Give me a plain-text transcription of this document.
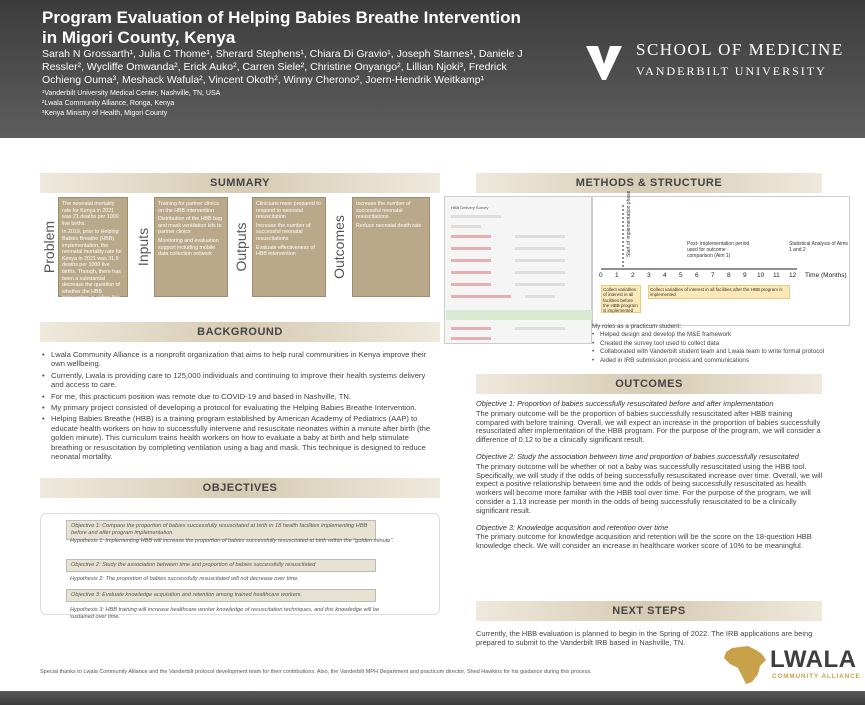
Program Evaluation of Helping Babies Breathe Intervention
in Migori County, Kenya
Sarah N Grossarth¹, Julia C Thome¹, Sherard Stephens¹, Chiara Di Gravio¹, Joseph Starnes¹, Daniele J
Ressler², Wycliffe Omwanda², Erick Auko², Carren Siele², Christine Onyango², Lillian Njoki³, Fredrick
Ochieng Ouma³, Meshack Wafula², Vincent Okoth², Winny Cherono², Joern-Hendrik Weitkamp¹
¹Vanderbilt University Medical Center, Nashville, TN, USA
²Lwala Community Alliance, Ronga, Kenya
³Kenya Ministry of Health, Migori County
SCHOOL OF MEDICINE
VANDERBILT UNIVERSITY
SUMMARY
Problem
The neonatal mortality rate for Kenya in 2021 was 21 deaths per 1000 live births.
In 2019, prior to Helping Babies Breathe (HBB) implementation, the neonatal mortality rate for Kenya in 2021 was 31.9 deaths per 1000 live births. Though, there has been a substantial decrease the question of whether the HBB intervention is aiding this decrease still exists.
Inputs
Training for partner clinics on the HBB intervention
Distribution of the HBB bag and mask ventilation kits to partner clinics
Monitoring and evaluation support including mobile data collection network	Outputs
Clinicians more prepared to respond to neonatal resuscitation
Increase the number of successful neonatal resuscitations
Evaluate effectiveness of HBB intervention	Outcomes
Increase the number of successful neonatal resuscitations
Reduce neonatal death rate
BACKGROUND
• Lwala Community Alliance is a nonprofit organization that aims to help rural communities in Kenya improve their own wellbeing.
• Currently, Lwala is providing care to 125,000 individuals and continuing to improve their health systems delivery and access to care.
• For me, this practicum position was remote due to COVID-19 and based in Nashville, TN.
• My primary project consisted of developing a protocol for evaluating the Helping Babies Breathe Intervention.
• Helping Babies Breathe (HBB) is a training program established by American Academy of Pediatrics (AAP) to educate health workers on how to successfully intervene and resuscitate neonates within a minute after birth (the golden minute). This curriculum trains health workers on how to evaluate a baby at birth and help stimulate breathing or resuscitation by completing ventilation using a bag and mask. This technique is designed to reduce neonatal mortality.
OBJECTIVES
Objective 1: Compare the proportion of babies successfully resuscitated at birth in 18 health facilities implementing HBB before and after program implementation.
Hypothesis 1: Implementing HBB will increase the proportion of babies successfully resuscitated at birth within the "golden minute".
Objective 2: Study the association between time and proportion of babies successfully resuscitated
Hypothesis 2: The proportion of babies successfully resuscitated will not decrease over time.
Objective 3: Evaluate knowledge acquisition and retention among trained healthcare workers.
Hypothesis 3: HBB training will increase healthcare worker knowledge of resuscitation techniques, and this knowledge will be sustained over time.
Special thanks to Lwala Community Alliance and the Vanderbilt protocol development team for their contributions. Also, the Vanderbilt MPH Department and practicum director, Shed Hawkins for his guidance during this process.
METHODS & STRUCTURE
HBB Delivery Survey	Start of implementation phase	Post- implementation period used for outcome comparison (Aim 1)
Statistical Analysis of Aims 1 and 2
0 1 2 3 4 5 6 7 8 9 10 11 12 Time (Months)
Collect variables of interest in all facilities before the HBB program is implemented
Collect variables of interest in all facilities after the HBB program is implemented
My roles as a practicum student:
• Helped design and develop the M&E framework
• Created the survey tool used to collect data
• Collaborated with Vanderbilt student team and Lwala team to write formal protocol
• Aided in IRB submission process and communications
OUTCOMES
Objective 1: Proportion of babies successfully resuscitated before and after implementation
The primary outcome will be the proportion of babies successfully resuscitated after HBB training compared with before training. Overall, we will expect an increase in the proportion of babies successfully resuscitated after implementation of the HBB program. For the purpose of the program, we will consider a difference of 0.12 to be a clinically significant result.
Objective 2: Study the association between time and proportion of babies successfully resuscitated
The primary outcome will be whether or not a baby was successfully resuscitated using the HBB tool. Specifically, we will study if the odds of being successfully resuscitated increase over time. Overall, we will expect a positive relationship between time and the odds of being successfully resuscitated as health workers will become more familiar with the HBB tool over time. For the purpose of the program, we will consider a 1.13 increase per month in the odds of being successfully resuscitated to be a clinically significant result.
Objective 3: Knowledge acquisition and retention over time
The primary outcome for knowledge acquisition and retention will be the score on the 18-question HBB knowledge check. We will consider an increase in healthcare worker score of 10% to be meaningful.
NEXT STEPS
Currently, the HBB evaluation is planned to begin in the Spring of 2022. The IRB applications are being prepared to submit to the Vanderbilt IRB based in Nashville, TN.
LWALA
COMMUNITY ALLIANCE
